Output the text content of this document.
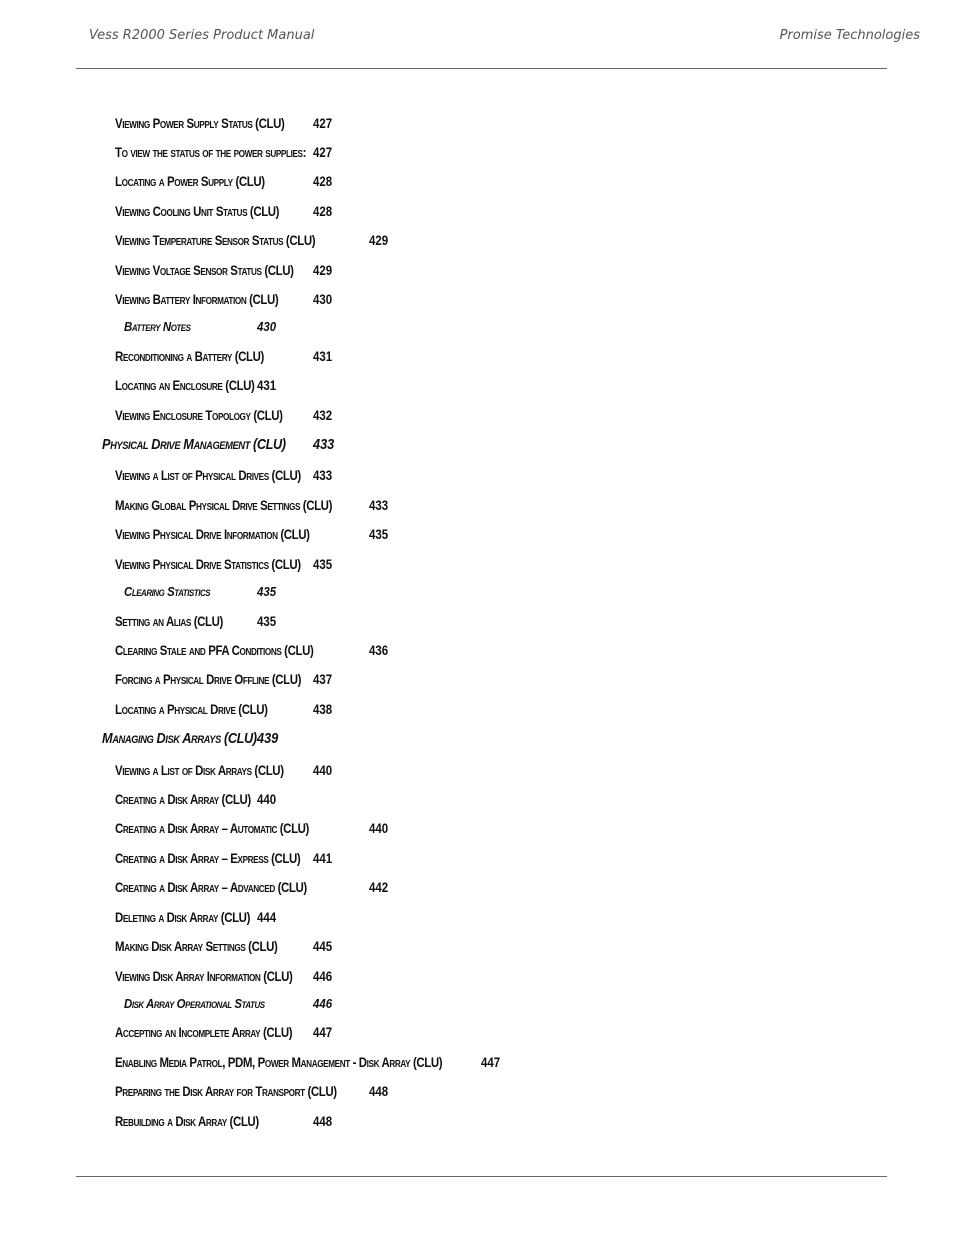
Vess R2000 Series Product Manual	Promise Technologies
Viewing Power Supply Status (CLU) 427
To view the status of the power supplies: 427
Locating a Power Supply (CLU)	428
Viewing Cooling Unit Status (CLU) 428
Viewing Temperature Sensor Status (CLU)	429
Viewing Voltage Sensor Status (CLU) 429
Viewing Battery Information (CLU) 430
Battery Notes	430
Reconditioning a Battery (CLU)	431
Locating an Enclosure (CLU) 431
Viewing Enclosure Topology (CLU) 432
Physical Drive Management (CLU) 433
Viewing a List of Physical Drives (CLU) 433
Making Global Physical Drive Settings (CLU)	433
Viewing Physical Drive Information (CLU)	435
Viewing Physical Drive Statistics (CLU) 435
Clearing Statistics	435
Setting an Alias (CLU) 435
Clearing Stale and PFA Conditions (CLU)	436
Forcing a Physical Drive Offline (CLU) 437
Locating a Physical Drive (CLU)	438
Managing Disk Arrays (CLU) 439
Viewing a List of Disk Arrays (CLU) 440
Creating a Disk Array (CLU) 440
Creating a Disk Array – Automatic (CLU)	440
Creating a Disk Array – Express (CLU) 441
Creating a Disk Array – Advanced (CLU)	442
Deleting a Disk Array (CLU) 444
Making Disk Array Settings (CLU)	445
Viewing Disk Array Information (CLU) 446
Disk Array Operational Status	446
Accepting an Incomplete Array (CLU) 447
Enabling Media Patrol, PDM, Power Management - Disk Array (CLU)	447
Preparing the Disk Array for Transport (CLU) 448
Rebuilding a Disk Array (CLU)	448
